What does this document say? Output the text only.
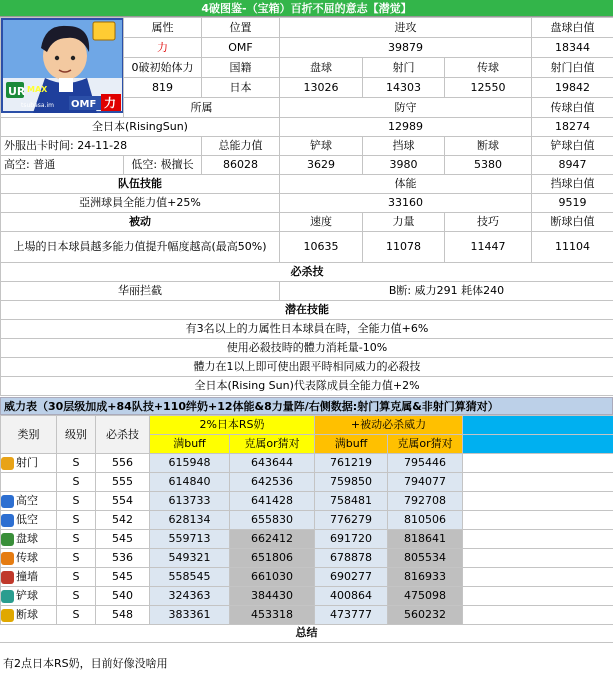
4破图鉴-（宝箱）百折不屈的意志【潜觉】
UR MAX
tsubasa.im OMF 力	属性	位置	进攻			盘球白值
	力	OMF	39879			18344
	0破初始体力	国籍	盘球	射门	传球	射门白值
	819	日本	13026	14303	12550	19842
	所属		防守			传球白值
全日本(RisingSun)			12989			18274
外服出卡时间: 24-11-28		总能力值	铲球	挡球	断球	铲球白值
高空: 普通	低空: 极擅长	86028	3629	3980	5380	8947
队伍技能			体能			挡球白值
亞洲球員全能力值+25%			33160			9519
被动			速度	力量	技巧	断球白值
上場的日本球員越多能力值提升幅度越高(最高50%)			10635	11078	11447	11104
必杀技						
华丽拦截			B断: 威力291 耗体240			
潜在技能						
有3名以上的力属性日本球員在時，全能力值+6%						
使用必殺技時的體力消耗量-10%						
體力在1以上即可使出跟平時相同威力的必殺技						
全日本(Rising Sun)代表隊成員全能力值+2%						
威力表（30层级加成+84队技+110绊奶+12体能&8力量阵/右侧数据:射门算克属&非射门算猜对）
类别	级别	必杀技	2%日本RS奶		+被动必杀威力		
			满buff	克属or猜对	满buff	克属or猜对	
射门	S	556	615948	643644	761219	795446	
	S	555	614840	642536	759850	794077	
高空	S	554	613733	641428	758481	792708	
低空	S	542	628134	655830	776279	810506	
盘球	S	545	559713	662412	691720	818641	
传球	S	536	549321	651806	678878	805534	
撞墙	S	545	558545	661030	690277	816933	
铲球	S	540	324363	384430	400864	475098	
断球	S	548	383361	453318	473777	560232	
总结
有2点日本RS奶，目前好像没啥用
